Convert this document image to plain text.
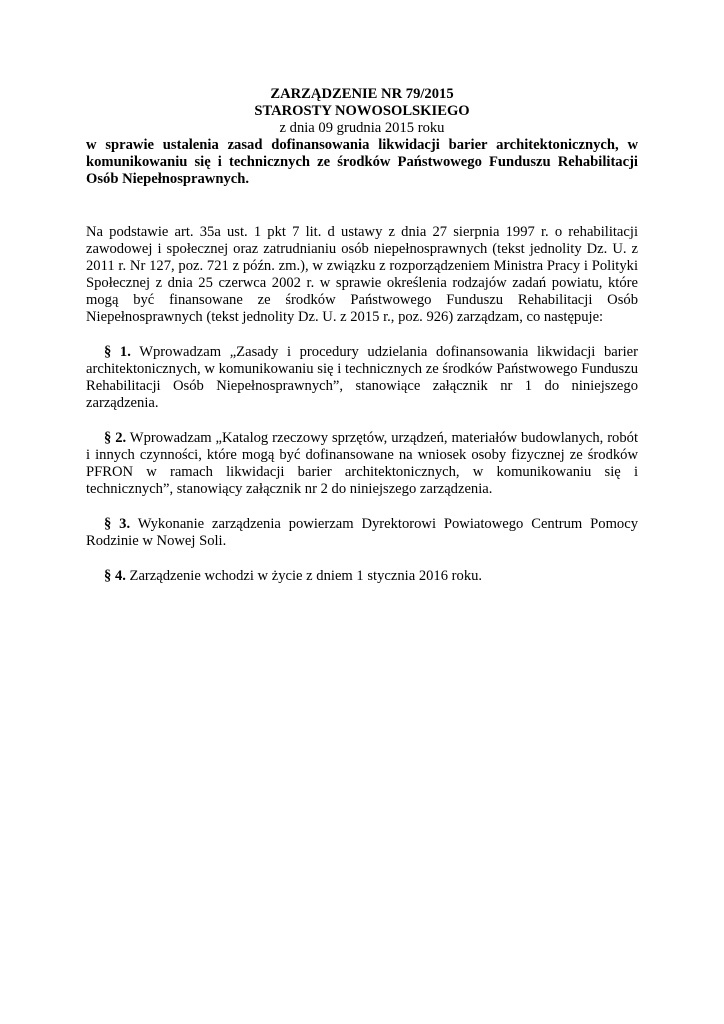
ZARZĄDZENIE NR 79/2015
STAROSTY NOWOSOLSKIEGO
z dnia 09 grudnia 2015 roku

w sprawie ustalenia zasad dofinansowania likwidacji barier architektonicznych, w komunikowaniu się i technicznych ze środków Państwowego Funduszu Rehabilitacji Osób Niepełnosprawnych.

Na podstawie art. 35a ust. 1 pkt 7 lit. d ustawy z dnia 27 sierpnia 1997 r. o rehabilitacji zawodowej i społecznej oraz zatrudnianiu osób niepełnosprawnych (tekst jednolity Dz. U. z 2011 r. Nr 127, poz. 721 z późn. zm.), w związku z rozporządzeniem Ministra Pracy i Polityki Społecznej z dnia 25 czerwca 2002 r. w sprawie określenia rodzajów zadań powiatu, które mogą być finansowane ze środków Państwowego Funduszu Rehabilitacji Osób Niepełnosprawnych (tekst jednolity Dz. U. z 2015 r., poz. 926) zarządzam, co następuje:

§ 1. Wprowadzam „Zasady i procedury udzielania dofinansowania likwidacji barier architektonicznych, w komunikowaniu się i technicznych ze środków Państwowego Funduszu Rehabilitacji Osób Niepełnosprawnych”, stanowiące załącznik nr 1 do niniejszego zarządzenia.

§ 2. Wprowadzam „Katalog rzeczowy sprzętów, urządzeń, materiałów budowlanych, robót i innych czynności, które mogą być dofinansowane na wniosek osoby fizycznej ze środków PFRON w ramach likwidacji barier architektonicznych, w komunikowaniu się i technicznych”, stanowiący załącznik nr 2 do niniejszego zarządzenia.

§ 3. Wykonanie zarządzenia powierzam Dyrektorowi Powiatowego Centrum Pomocy Rodzinie w Nowej Soli.

§ 4. Zarządzenie wchodzi w życie z dniem 1 stycznia 2016 roku.
